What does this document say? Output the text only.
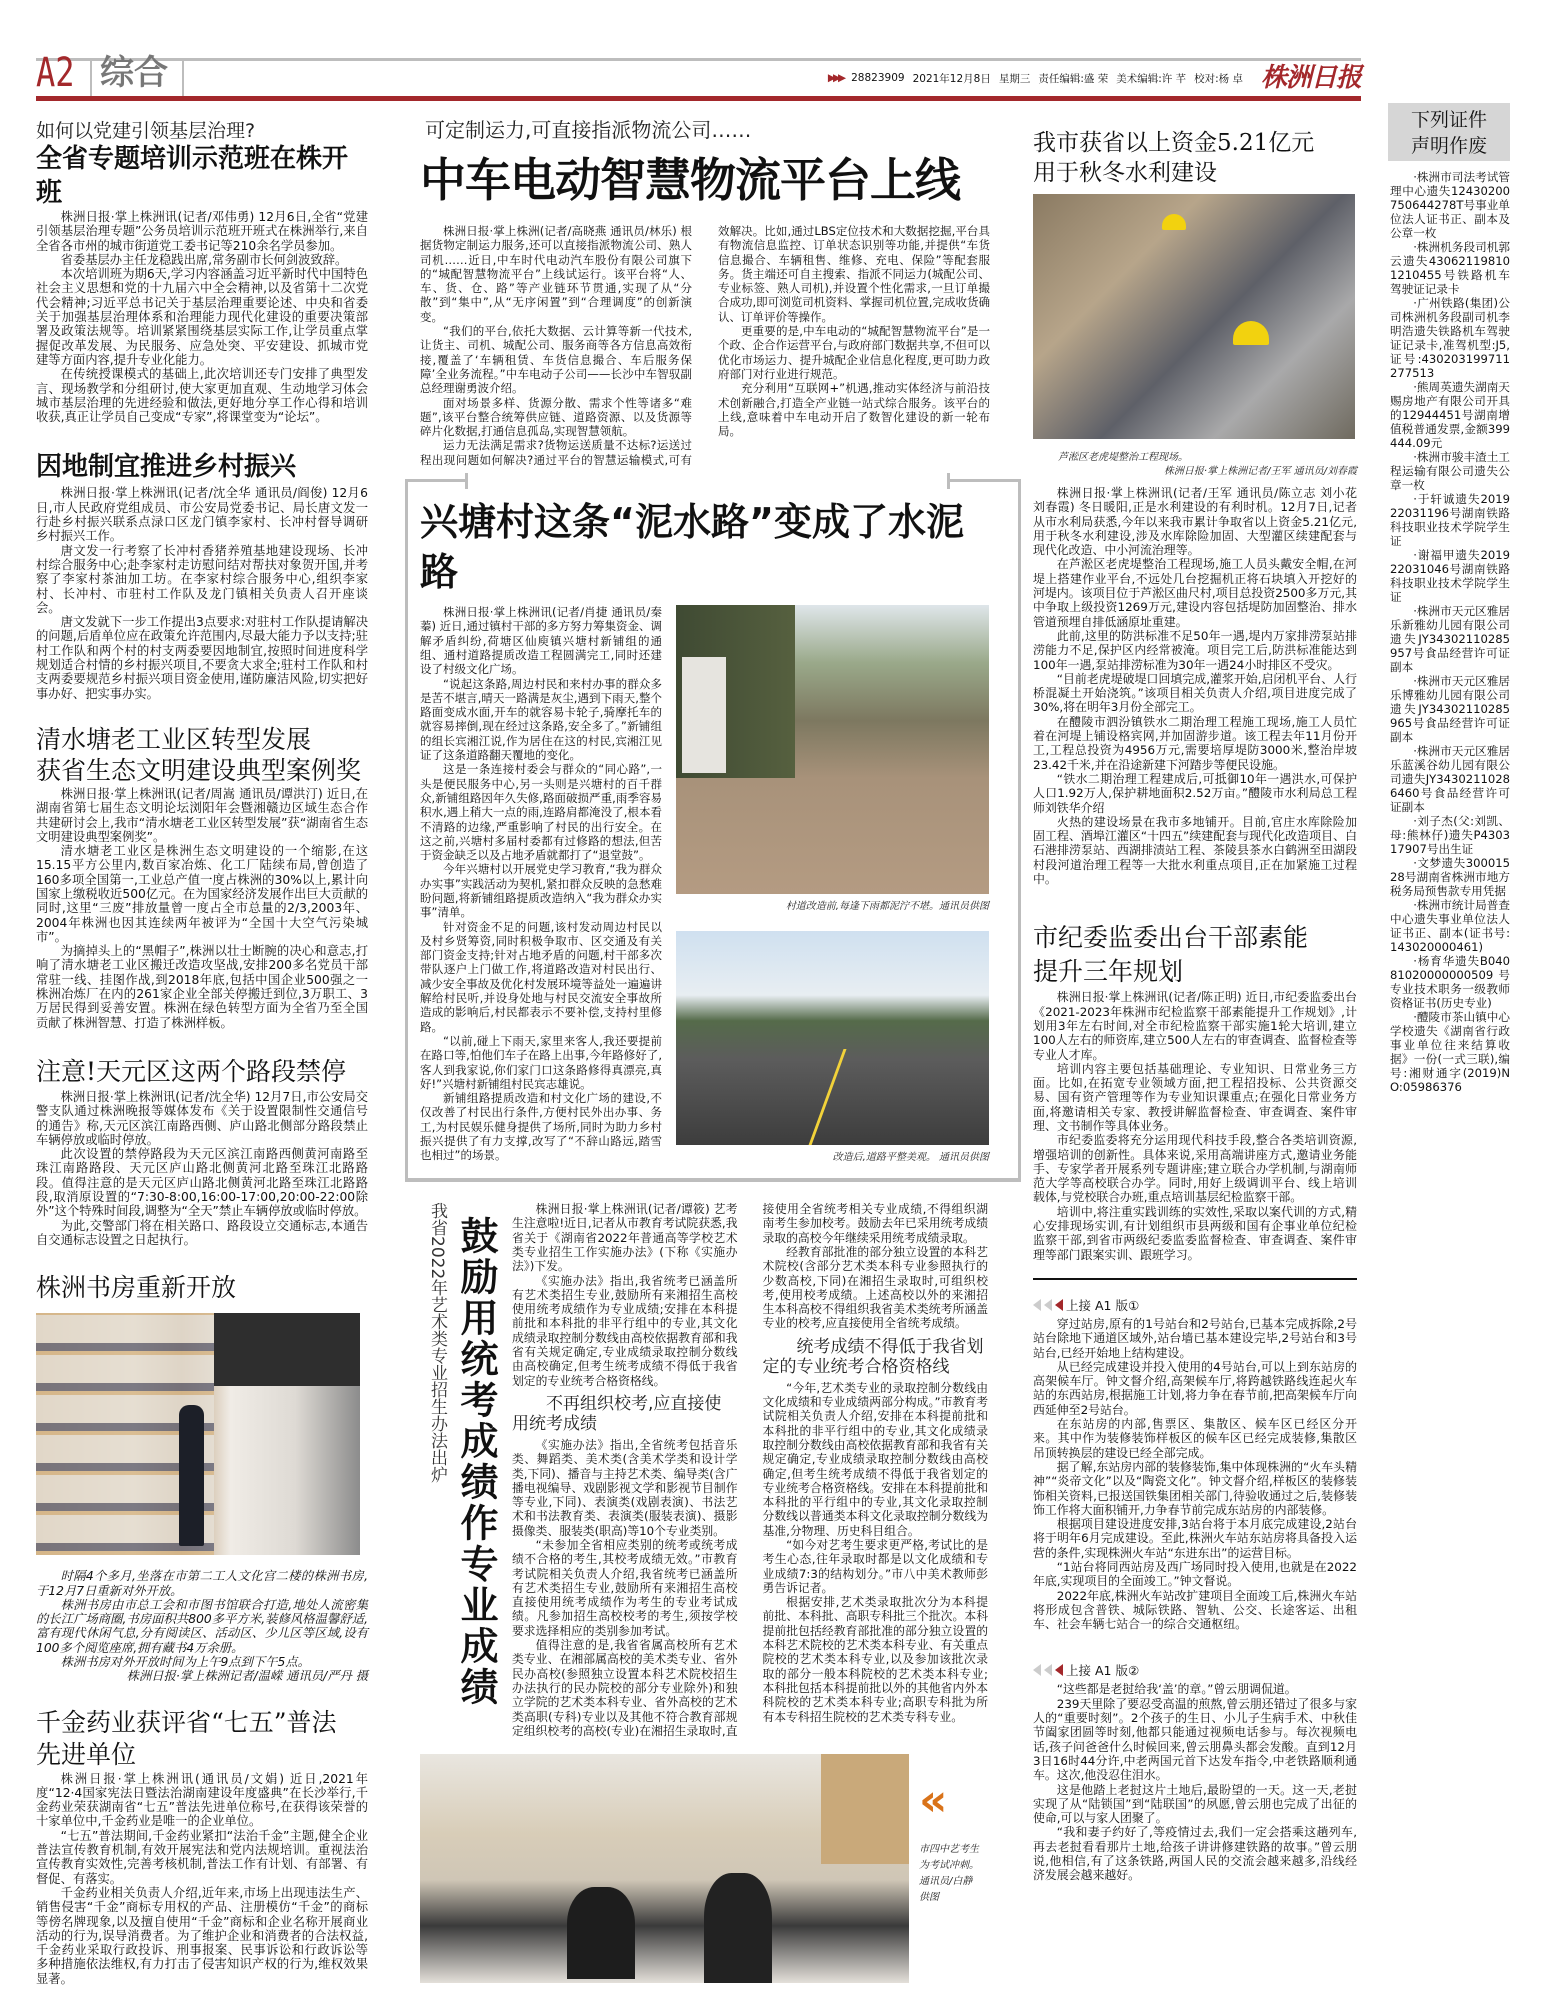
A2 综合	▶▶▶ 28823909 2021年12月8日 星期三 责任编辑:盛 荣 美术编辑:许 芊 校对:杨 卓 株洲日报

如何以党建引领基层治理?

全省专题培训示范班在株开班

株洲日报·掌上株洲讯(记者/邓伟勇) 12月6日,全省“党建引领基层治理专题”公务员培训示范班开班式在株洲举行,来自全省各市州的城市街道党工委书记等210余名学员参加。

省委基层办主任龙稳践出席,常务副市长何剑波致辞。

本次培训班为期6天,学习内容涵盖习近平新时代中国特色社会主义思想和党的十九届六中全会精神,以及省第十二次党代会精神;习近平总书记关于基层治理重要论述、中央和省委关于加强基层治理体系和治理能力现代化建设的重要决策部署及政策法规等。培训紧紧围绕基层实际工作,让学员重点掌握促改革发展、为民服务、应急处突、平安建设、抓城市党建等方面内容,提升专业化能力。

在传统授课模式的基础上,此次培训还专门安排了典型发言、现场教学和分组研讨,使大家更加直观、生动地学习体会城市基层治理的先进经验和做法,更好地分享工作心得和培训收获,真正让学员自己变成“专家”,将课堂变为“论坛”。

因地制宜推进乡村振兴

株洲日报·掌上株洲讯(记者/沈全华 通讯员/阎俊) 12月6日,市人民政府党组成员、市公安局党委书记、局长唐文发一行赴乡村振兴联系点渌口区龙门镇李家村、长冲村督导调研乡村振兴工作。

唐文发一行考察了长冲村香猪养殖基地建设现场、长冲村综合服务中心;赴李家村走访慰问结对帮扶对象贺开国,并考察了李家村茶油加工坊。在李家村综合服务中心,组织李家村、长冲村、市驻村工作队及龙门镇相关负责人召开座谈会。

唐文发就下一步工作提出3点要求:对驻村工作队提请解决的问题,后盾单位应在政策允许范围内,尽最大能力予以支持;驻村工作队和两个村的村支两委要因地制宜,按照时间进度科学规划适合村情的乡村振兴项目,不要贪大求全;驻村工作队和村支两委要规范乡村振兴项目资金使用,谨防廉洁风险,切实把好事办好、把实事办实。

清水塘老工业区转型发展
获省生态文明建设典型案例奖

株洲日报·掌上株洲讯(记者/周嵩 通讯员/谭洪汀) 近日,在湖南省第七届生态文明论坛浏阳年会暨湘赣边区域生态合作共建研讨会上,我市“清水塘老工业区转型发展”获“湖南省生态文明建设典型案例奖”。

清水塘老工业区是株洲生态文明建设的一个缩影,在这15.15平方公里内,数百家冶炼、化工厂陆续布局,曾创造了160多项全国第一,工业总产值一度占株洲的30%以上,累计向国家上缴税收近500亿元。在为国家经济发展作出巨大贡献的同时,这里“三废”排放量曾一度占全市总量的2/3,2003年、2004年株洲也因其连续两年被评为“全国十大空气污染城市”。

为摘掉头上的“黑帽子”,株洲以壮士断腕的决心和意志,打响了清水塘老工业区搬迁改造攻坚战,安排200多名党员干部常驻一线、挂图作战,到2018年底,包括中国企业500强之一株洲冶炼厂在内的261家企业全部关停搬迁到位,3万职工、3万居民得到妥善安置。株洲在绿色转型方面为全省乃至全国贡献了株洲智慧、打造了株洲样板。

注意!天元区这两个路段禁停

株洲日报·掌上株洲讯(记者/沈全华) 12月7日,市公安局交警支队通过株洲晚报等媒体发布《关于设置限制性交通信号的通告》称,天元区滨江南路西侧、庐山路北侧部分路段禁止车辆停放或临时停放。

此次设置的禁停路段为天元区滨江南路西侧黄河南路至珠江南路路段、天元区庐山路北侧黄河北路至珠江北路路段。值得注意的是天元区庐山路北侧黄河北路至珠江北路路段,取消原设置的“7:30-8:00,16:00-17:00,20:00-22:00除外”这个特殊时间段,调整为“全天”禁止车辆停放或临时停放。

为此,交警部门将在相关路口、路段设立交通标志,本通告自交通标志设置之日起执行。

株洲书房重新开放

时隔4个多月,坐落在市第二工人文化宫二楼的株洲书房,于12月7日重新对外开放。

株洲书房由市总工会和市图书馆联合打造,地处人流密集的长江广场商圈,书房面积共800多平方米,装修风格温馨舒适,富有现代休闲气息,分有阅读区、活动区、少儿区等区域,设有100多个阅览座席,拥有藏书4万余册。

株洲书房对外开放时间为上午9点到下午5点。

株洲日报·掌上株洲记者/温嵘 通讯员/严丹 摄

千金药业获评省“七五”普法
先进单位

株洲日报·掌上株洲讯(通讯员/文娟) 近日,2021年度“12·4国家宪法日暨法治湖南建设年度盛典”在长沙举行,千金药业荣获湖南省“七五”普法先进单位称号,在获得该荣誉的十家单位中,千金药业是唯一的企业单位。

“七五”普法期间,千金药业紧扣“法治千金”主题,健全企业普法宣传教育机制,有效开展宪法和党内法规培训。重视法治宣传教育实效性,完善考核机制,普法工作有计划、有部署、有督促、有落实。

千金药业相关负责人介绍,近年来,市场上出现违法生产、销售侵害“千金”商标专用权的产品、注册模仿“千金”的商标等傍名牌现象,以及擅自使用“千金”商标和企业名称开展商业活动的行为,误导消费者。为了维护企业和消费者的合法权益,千金药业采取行政投诉、刑事报案、民事诉讼和行政诉讼等多种措施依法维权,有力打击了侵害知识产权的行为,维权效果显著。

可定制运力,可直接指派物流公司……

中车电动智慧物流平台上线

株洲日报·掌上株洲(记者/高晓燕 通讯员/林乐) 根据货物定制运力服务,还可以直接指派物流公司、熟人司机……近日,中车时代电动汽车股份有限公司旗下的“城配智慧物流平台”上线试运行。该平台将“人、车、货、仓、路”等产业链环节贯通,实现了从“分散”到“集中”,从“无序闲置”到“合理调度”的创新演变。

“我们的平台,依托大数据、云计算等新一代技术,让货主、司机、城配公司、服务商等各方信息高效衔接,覆盖了‘车辆租赁、车货信息撮合、车后服务保障’全业务流程。”中车电动子公司——长沙中车智驭副总经理谢勇波介绍。

面对场景多样、货源分散、需求个性等诸多“难题”,该平台整合统筹供应链、道路资源、以及货源等碎片化数据,打通信息孤岛,实现智慧领航。

运力无法满足需求?货物运送质量不达标?运送过程出现问题如何解决?通过平台的智慧运输模式,可有效解决。比如,通过LBS定位技术和大数据挖掘,平台具有物流信息监控、订单状态识别等功能,并提供“车货信息撮合、车辆租售、维修、充电、保险”等配套服务。货主端还可自主搜索、指派不同运力(城配公司、专业标签、熟人司机),并设置个性化需求,一旦订单撮合成功,即可浏览司机资料、掌握司机位置,完成收货确认、订单评价等操作。

更重要的是,中车电动的“城配智慧物流平台”是一个政、企合作运营平台,与政府部门数据共享,不但可以优化市场运力、提升城配企业信息化程度,更可助力政府部门对行业进行规范。

充分利用“互联网+”机遇,推动实体经济与前沿技术创新融合,打造全产业链一站式综合服务。该平台的上线,意味着中车电动开启了数智化建设的新一轮布局。

兴塘村这条“泥水路”变成了水泥路

株洲日报·掌上株洲讯(记者/肖捷 通讯员/秦蓁) 近日,通过镇村干部的多方努力筹集资金、调解矛盾纠纷,荷塘区仙庾镇兴塘村新铺组的通组、通村道路提质改造工程圆满完工,同时还建设了村级文化广场。

“说起这条路,周边村民和来村办事的群众多是苦不堪言,晴天一路满是灰尘,遇到下雨天,整个路面变成水面,开车的就容易卡轮子,骑摩托车的就容易摔倒,现在经过这条路,安全多了。”新铺组的组长宾湘江说,作为居住在这的村民,宾湘江见证了这条道路翻天覆地的变化。

这是一条连接村委会与群众的“同心路”,一头是便民服务中心,另一头则是兴塘村的百千群众,新铺组路因年久失修,路面破损严重,雨季容易积水,遇上稍大一点的雨,连路肩都淹没了,根本看不清路的边缘,严重影响了村民的出行安全。在这之前,兴塘村多届村委都有过修路的想法,但苦于资金缺乏以及占地矛盾就都打了“退堂鼓”。

今年兴塘村以开展党史学习教育,“我为群众办实事”实践活动为契机,紧扣群众反映的急愁难盼问题,将新铺组路提质改造纳入“我为群众办实事”清单。

针对资金不足的问题,该村发动周边村民以及村乡贤筹资,同时积极争取市、区交通及有关部门资金支持;针对占地矛盾的问题,村干部多次带队逐户上门做工作,将道路改造对村民出行、减少安全事故及优化村发展环境等益处一遍遍讲解给村民听,并设身处地与村民交流安全事故所造成的影响后,村民都表示不要补偿,支持村里修路。

“以前,碰上下雨天,家里来客人,我还要提前在路口等,怕他们车子在路上出事,今年路修好了,客人到我家说,你们家门口这条路修得真漂亮,真好!”兴塘村新铺组村民宾志雄说。

新铺组路提质改造和村文化广场的建设,不仅改善了村民出行条件,方便村民外出办事、务工,为村民娱乐健身提供了场所,同时为助力乡村振兴提供了有力支撑,改写了“不辞山路远,踏雪也相过”的场景。

村道改造前,每逢下雨都泥泞不堪。通讯员供图

改造后,道路平整美观。 通讯员供图

我省2022年艺术类专业招生办法出炉 鼓励用统考成绩作专业成绩

株洲日报·掌上株洲讯(记者/谭筱) 艺考生注意啦!近日,记者从市教育考试院获悉,我省关于《湖南省2022年普通高等学校艺术类专业招生工作实施办法》(下称《实施办法》)下发。

《实施办法》指出,我省统考已涵盖所有艺术类招生专业,鼓励所有来湘招生高校使用统考成绩作为专业成绩;安排在本科提前批和本科批的非平行组中的专业,其文化成绩录取控制分数线由高校依据教育部和我省有关规定确定,专业成绩录取控制分数线由高校确定,但考生统考成绩不得低于我省划定的专业统考合格资格线。

不再组织校考,应直接使用统考成绩

《实施办法》指出,全省统考包括音乐类、舞蹈类、美术类(含美术学类和设计学类,下同)、播音与主持艺术类、编导类(含广播电视编导、戏剧影视文学和影视节目制作等专业,下同)、表演类(戏剧表演)、书法艺术和书法教育类、表演类(服装表演)、摄影摄像类、服装类(职高)等10个专业类别。

“未参加全省相应类别的统考或统考成绩不合格的考生,其校考成绩无效。”市教育考试院相关负责人介绍,我省统考已涵盖所有艺术类招生专业,鼓励所有来湘招生高校直接使用统考成绩作为考生的专业考试成绩。凡参加招生高校校考的考生,须按学校要求选择相应的类别参加考试。

值得注意的是,我省省属高校所有艺术类专业、在湘部属高校的美术类专业、省外民办高校(参照独立设置本科艺术院校招生办法执行的民办院校的部分专业除外)和独立学院的艺术类本科专业、省外高校的艺术类高职(专科)专业以及其他不符合教育部规定组织校考的高校(专业)在湘招生录取时,直接使用全省统考相关专业成绩,不得组织湖南考生参加校考。鼓励去年已采用统考成绩录取的高校今年继续采用统考成绩录取。

经教育部批准的部分独立设置的本科艺术院校(含部分艺术类本科专业参照执行的少数高校,下同)在湘招生录取时,可组织校考,使用校考成绩。上述高校以外的来湘招生本科高校不得组织我省美术类统考所涵盖专业的校考,应直接使用全省统考成绩。

统考成绩不得低于我省划定的专业统考合格资格线

“今年,艺术类专业的录取控制分数线由文化成绩和专业成绩两部分构成。”市教育考试院相关负责人介绍,安排在本科提前批和本科批的非平行组中的专业,其文化成绩录取控制分数线由高校依据教育部和我省有关规定确定,专业成绩录取控制分数线由高校确定,但考生统考成绩不得低于我省划定的专业统考合格资格线。安排在本科提前批和本科批的平行组中的专业,其文化录取控制分数线以普通类本科文化录取控制分数线为基准,分物理、历史科目组合。

“如今对艺考生要求更严格,考试比的是考生心态,往年录取时都是以文化成绩和专业成绩7:3的结构划分。”市八中美术教师彭勇告诉记者。

根据安排,艺术类录取批次分为本科提前批、本科批、高职专科批三个批次。本科提前批包括经教育部批准的部分独立设置的本科艺术院校的艺术类本科专业、有关重点院校的艺术类本科专业,以及参加该批次录取的部分一般本科院校的艺术类本科专业;本科批包括本科提前批以外的其他省内外本科院校的艺术类本科专业;高职专科批为所有本专科招生院校的艺术类专科专业。

«

市四中艺考生为考试冲刺。通讯员/白静 供图

我市获省以上资金5.21亿元
用于秋冬水利建设

芦淞区老虎堤整治工程现场。

株洲日报·掌上株洲记者/王军 通讯员/刘春霞

株洲日报·掌上株洲讯(记者/王军 通讯员/陈立志 刘小花 刘春霞) 冬日暖阳,正是水利建设的有利时机。12月7日,记者从市水利局获悉,今年以来我市累计争取省以上资金5.21亿元,用于秋冬水利建设,涉及水库除险加固、大型灌区续建配套与现代化改造、中小河流治理等。

在芦淞区老虎堤整治工程现场,施工人员头戴安全帽,在河堤上搭建作业平台,不远处几台挖掘机正将石块填入开挖好的河堤内。该项目位于芦淞区曲尺村,项目总投资2500多万元,其中争取上级投资1269万元,建设内容包括堤防加固整治、排水管道预埋自排低涵原址重建。

此前,这里的防洪标准不足50年一遇,堤内万家排涝泵站排涝能力不足,保护区内经常被淹。项目完工后,防洪标准能达到100年一遇,泵站排涝标准为30年一遇24小时排区不受灾。

“目前老虎堤破堤口回填完成,灌浆开始,启闭机平台、人行桥混凝土开始浇筑。”该项目相关负责人介绍,项目进度完成了30%,将在明年3月份全部完工。

在醴陵市泗汾镇铁水二期治理工程施工现场,施工人员忙着在河堤上铺设格宾网,并加固游步道。该工程去年11月份开工,工程总投资为4956万元,需要培厚堤防3000米,整治岸坡23.42千米,并在沿途新建下河踏步等便民设施。

“铁水二期治理工程建成后,可抵御10年一遇洪水,可保护人口1.92万人,保护耕地面积2.52万亩。”醴陵市水利局总工程师刘铁华介绍

火热的建设场景在我市多地铺开。目前,官庄水库除险加固工程、酒埠江灌区“十四五”续建配套与现代化改造项目、白石港排涝泵站、西湖排渍站工程、茶陵县茶水白鹤洲至田湖段村段河道治理工程等一大批水利重点项目,正在加紧施工过程中。

市纪委监委出台干部素能
提升三年规划

株洲日报·掌上株洲讯(记者/陈正明) 近日,市纪委监委出台《2021-2023年株洲市纪检监察干部素能提升工作规划》,计划用3年左右时间,对全市纪检监察干部实施1轮大培训,建立100人左右的师资库,建立500人左右的审查调查、监督检查等专业人才库。

培训内容主要包括基础理论、专业知识、日常业务三方面。比如,在拓宽专业领域方面,把工程招投标、公共资源交易、国有资产管理等作为专业知识课重点;在强化日常业务方面,将邀请相关专家、教授讲解监督检查、审查调查、案件审理、文书制作等具体业务。

市纪委监委将充分运用现代科技手段,整合各类培训资源,增强培训的创新性。具体来说,采用高端讲座方式,邀请业务能手、专家学者开展系列专题讲座;建立联合办学机制,与湖南师范大学等高校联合办学。同时,用好上级调训平台、线上培训载体,与党校联合办班,重点培训基层纪检监察干部。

培训中,将注重实践训练的实效性,采取以案代训的方式,精心安排现场实训,有计划组织市县两级和国有企事业单位纪检监察干部,到省市两级纪委监委监督检查、审查调查、案件审理等部门跟案实训、跟班学习。

上接 A1 版①

穿过站房,原有的1号站台和2号站台,已基本完成拆除,2号站台除地下通道区域外,站台墙已基本建设完毕,2号站台和3号站台,已经开始地上结构建设。

从已经完成建设并投入使用的4号站台,可以上到东站房的高架候车厅。钟文督介绍,高架候车厅,将跨越铁路线连起火车站的东西站房,根据施工计划,将力争在春节前,把高架候车厅向西延伸至2号站台。

在东站房的内部,售票区、集散区、候车区已经区分开来。其中作为装修装饰样板区的候车区已经完成装修,集散区吊顶转换层的建设已经全部完成。

据了解,东站房内部的装修装饰,集中体现株洲的“火车头精神”“炎帝文化”以及“陶瓷文化”。钟文督介绍,样板区的装修装饰相关资料,已报送国铁集团相关部门,待验收通过之后,装修装饰工作将大面积铺开,力争春节前完成东站房的内部装修。

根据项目建设进度安排,3站台将于本月底完成建设,2站台将于明年6月完成建设。至此,株洲火车站东站房将具备投入运营的条件,实现株洲火车站“东进东出”的运营目标。

“1站台将同西站房及西广场同时投入使用,也就是在2022年底,实现项目的全面竣工。”钟文督说。

2022年底,株洲火车站改扩建项目全面竣工后,株洲火车站将形成包含普铁、城际铁路、智轨、公交、长途客运、出租车、社会车辆七站合一的综合交通枢纽。

上接 A1 版②

“这些都是老挝给我‘盖’的章。”曾云朋调侃道。

239天里除了要忍受高温的煎熬,曾云朋还错过了很多与家人的“重要时刻”。2个孩子的生日、小儿子生病手术、中秋佳节阖家团圆等时刻,他都只能通过视频电话参与。每次视频电话,孩子问爸爸什么时候回来,曾云朋鼻头都会发酸。直到12月3日16时44分许,中老两国元首下达发车指令,中老铁路顺利通车。这次,他没忍住泪水。

这是他踏上老挝这片土地后,最盼望的一天。这一天,老挝实现了从“陆锁国”到“陆联国”的夙愿,曾云朋也完成了出征的使命,可以与家人团聚了。

“我和妻子约好了,等疫情过去,我们一定会搭乘这趟列车,再去老挝看看那片土地,给孩子讲讲修建铁路的故事。”曾云朋说,他相信,有了这条铁路,两国人民的交流会越来越多,沿线经济发展会越来越好。

下列证件
声明作废

·株洲市司法考试管理中心遗失12430200750644278T号事业单位法人证书正、副本及公章一枚

·株洲机务段司机郭云遗失430621198101210455号铁路机车驾驶证记录卡

·广州铁路(集团)公司株洲机务段副司机李明浩遗失铁路机车驾驶证记录卡,准驾机型:J5,证号:430203199711277513

·熊周英遗失湖南天赐房地产有限公司开具的12944451号湖南增值税普通发票,金额399444.09元

·株洲市骏丰渣土工程运输有限公司遗失公章一枚

·于轩诚遗失201922031196号湖南铁路科技职业技术学院学生证

·谢福甲遗失201922031046号湖南铁路科技职业技术学院学生证

·株洲市天元区雅居乐新雅幼儿园有限公司遗失JY34302110285957号食品经营许可证副本

·株洲市天元区雅居乐博雅幼儿园有限公司遗失JY34302110285965号食品经营许可证副本

·株洲市天元区雅居乐蓝溪谷幼儿园有限公司遗失JY34302110286460号食品经营许可证副本

·刘子杰(父:刘凯、母:熊林仔)遗失P430317907号出生证

·文梦遗失30001528号湖南省株洲市地方税务局预售款专用凭据

·株洲市统计局普查中心遗失事业单位法人证书正、副本(证书号:143020000461)

·杨育华遗失B04081020000000509号专业技术职务一级教师资格证书(历史专业)

·醴陵市茶山镇中心学校遗失《湖南省行政事业单位往来结算收据》一份(一式三联),编号:湘财通字(2019)NO:05986376
